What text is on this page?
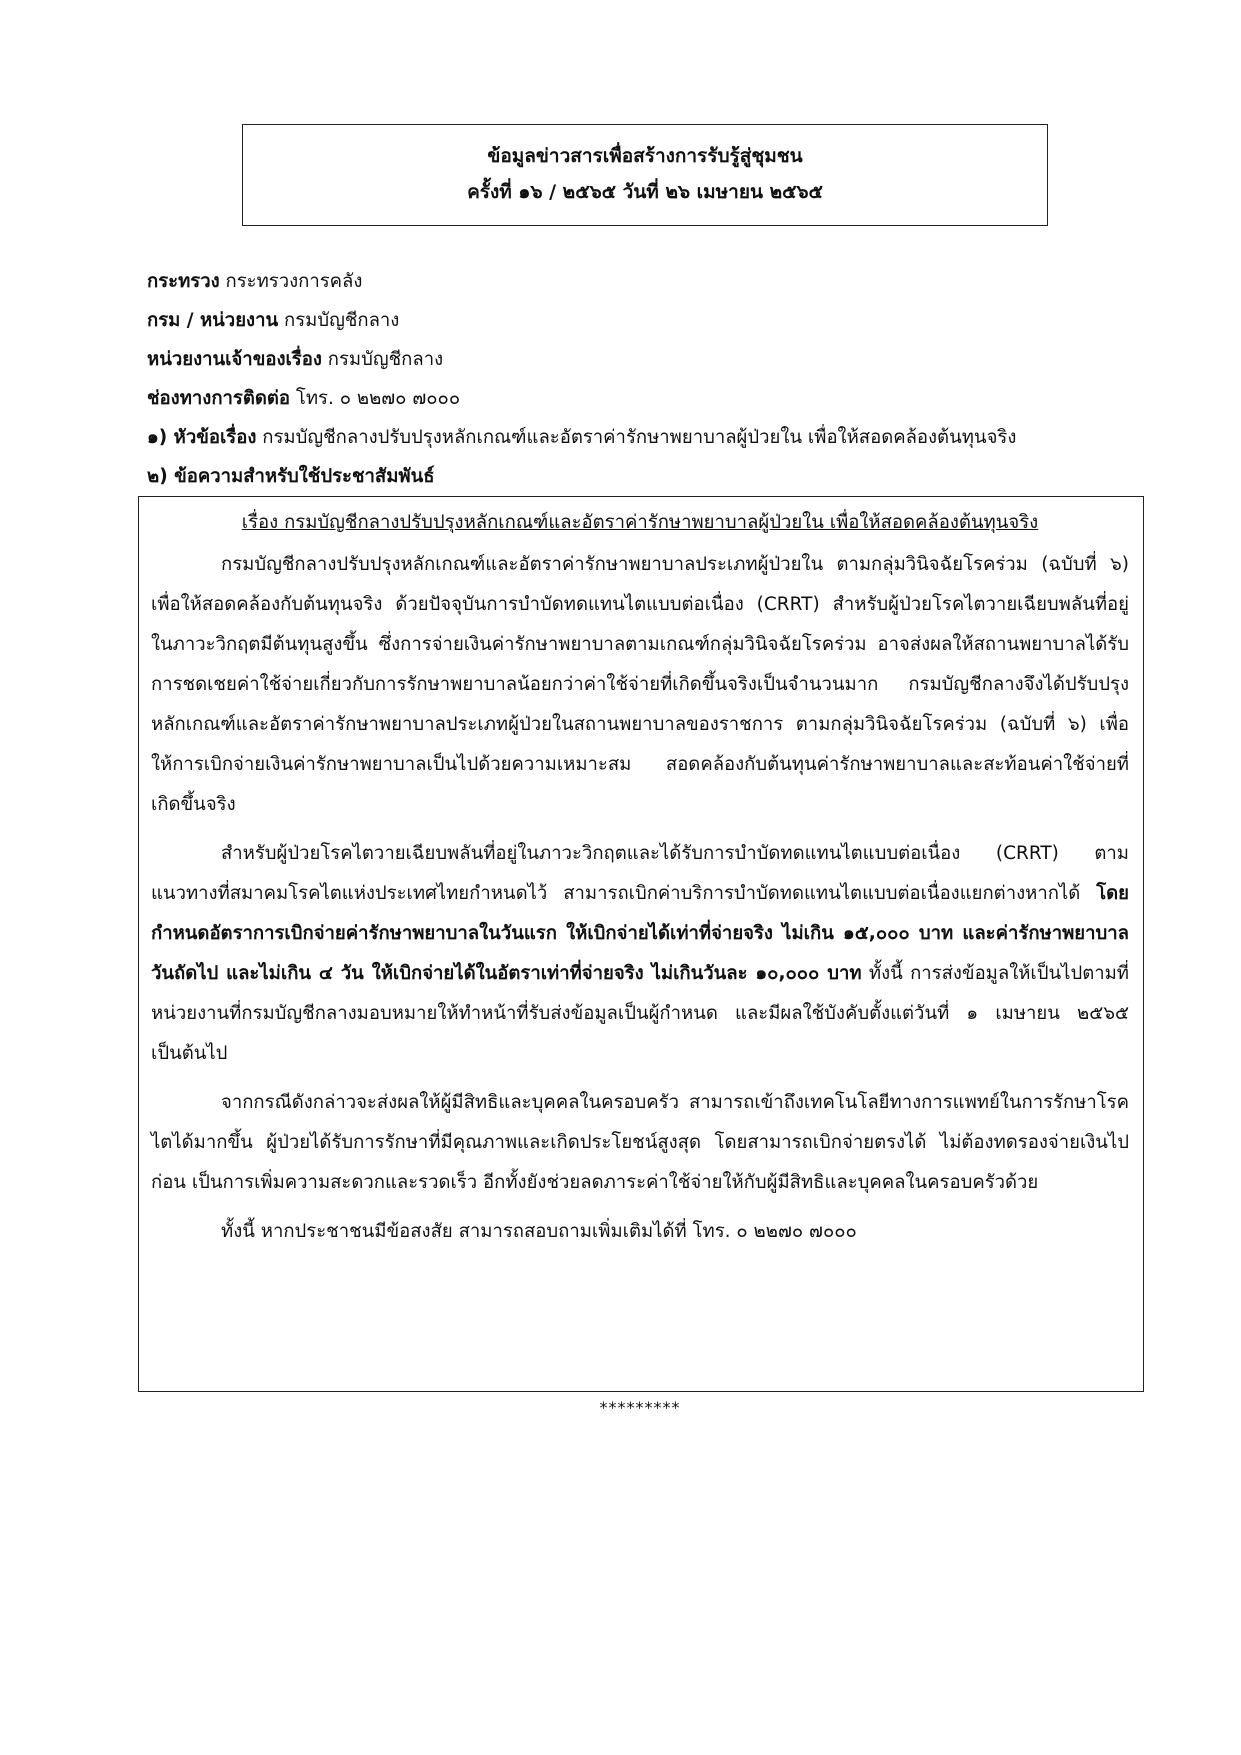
ข้อมูลข่าวสารเพื่อสร้างการรับรู้สู่ชุมชน
ครั้งที่ ๑๖ / ๒๕๖๕ วันที่ ๒๖ เมษายน ๒๕๖๕
กระทรวง กระทรวงการคลัง
กรม / หน่วยงาน กรมบัญชีกลาง
หน่วยงานเจ้าของเรื่อง กรมบัญชีกลาง
ช่องทางการติดต่อ โทร. ๐ ๒๒๗๐ ๗๐๐๐
๑) หัวข้อเรื่อง กรมบัญชีกลางปรับปรุงหลักเกณฑ์และอัตราค่ารักษาพยาบาลผู้ป่วยใน เพื่อให้สอดคล้องต้นทุนจริง
๒) ข้อความสำหรับใช้ประชาสัมพันธ์
เรื่อง กรมบัญชีกลางปรับปรุงหลักเกณฑ์และอัตราค่ารักษาพยาบาลผู้ป่วยใน เพื่อให้สอดคล้องต้นทุนจริง

กรมบัญชีกลางปรับปรุงหลักเกณฑ์และอัตราค่ารักษาพยาบาลประเภทผู้ป่วยใน ตามกลุ่มวินิจฉัยโรคร่วม (ฉบับที่ ๖) เพื่อให้สอดคล้องกับต้นทุนจริง ด้วยปัจจุบันการบำบัดทดแทนไตแบบต่อเนื่อง (CRRT) สำหรับผู้ป่วยโรคไตวายเฉียบพลันที่อยู่ในภาวะวิกฤตมีต้นทุนสูงขึ้น ซึ่งการจ่ายเงินค่ารักษาพยาบาลตามเกณฑ์กลุ่มวินิจฉัยโรคร่วม อาจส่งผลให้สถานพยาบาลได้รับการชดเชยค่าใช้จ่ายเกี่ยวกับการรักษาพยาบาลน้อยกว่าค่าใช้จ่ายที่เกิดขึ้นจริงเป็นจำนวนมาก กรมบัญชีกลางจึงได้ปรับปรุงหลักเกณฑ์และอัตราค่ารักษาพยาบาลประเภทผู้ป่วยในสถานพยาบาลของราชการ ตามกลุ่มวินิจฉัยโรคร่วม (ฉบับที่ ๖) เพื่อให้การเบิกจ่ายเงินค่ารักษาพยาบาลเป็นไปด้วยความเหมาะสม สอดคล้องกับต้นทุนค่ารักษาพยาบาลและสะท้อนค่าใช้จ่ายที่เกิดขึ้นจริง

สำหรับผู้ป่วยโรคไตวายเฉียบพลันที่อยู่ในภาวะวิกฤตและได้รับการบำบัดทดแทนไตแบบต่อเนื่อง (CRRT) ตามแนวทางที่สมาคมโรคไตแห่งประเทศไทยกำหนดไว้ สามารถเบิกค่าบริการบำบัดทดแทนไตแบบต่อเนื่องแยกต่างหากได้ โดยกำหนดอัตราการเบิกจ่ายค่ารักษาพยาบาลในวันแรก ให้เบิกจ่ายได้เท่าที่จ่ายจริง ไม่เกิน ๑๕,๐๐๐ บาท และค่ารักษาพยาบาลวันถัดไป และไม่เกิน ๔ วัน ให้เบิกจ่ายได้ในอัตราเท่าที่จ่ายจริง ไม่เกินวันละ ๑๐,๐๐๐ บาท ทั้งนี้ การส่งข้อมูลให้เป็นไปตามที่หน่วยงานที่กรมบัญชีกลางมอบหมายให้ทำหน้าที่รับส่งข้อมูลเป็นผู้กำหนด และมีผลใช้บังคับตั้งแต่วันที่ ๑ เมษายน ๒๕๖๕ เป็นต้นไป

จากกรณีดังกล่าวจะส่งผลให้ผู้มีสิทธิและบุคคลในครอบครัว สามารถเข้าถึงเทคโนโลยีทางการแพทย์ในการรักษาโรคไตได้มากขึ้น ผู้ป่วยได้รับการรักษาที่มีคุณภาพและเกิดประโยชน์สูงสุด โดยสามารถเบิกจ่ายตรงได้ ไม่ต้องทดรองจ่ายเงินไปก่อน เป็นการเพิ่มความสะดวกและรวดเร็ว อีกทั้งยังช่วยลดภาระค่าใช้จ่ายให้กับผู้มีสิทธิและบุคคลในครอบครัวด้วย

ทั้งนี้ หากประชาชนมีข้อสงสัย สามารถสอบถามเพิ่มเติมได้ที่ โทร. ๐ ๒๒๗๐ ๗๐๐๐

*********
